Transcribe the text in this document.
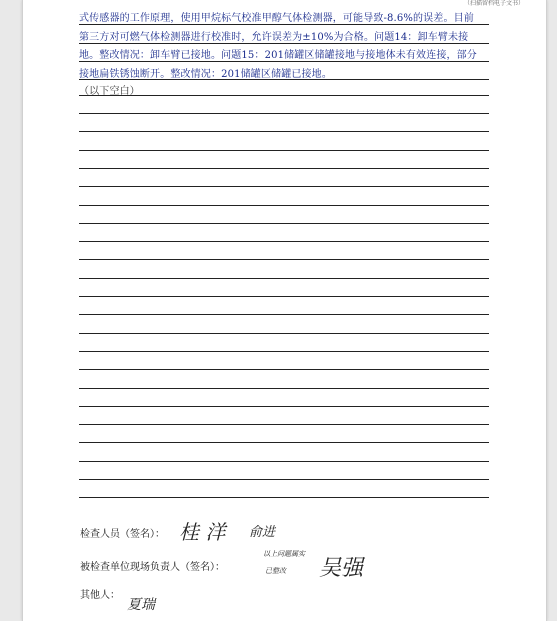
（扫描留档电子文书）
式传感器的工作原理，使用甲烷标气校准甲醇气体检测器，可能导致-8.6%的误差。目前
第三方对可燃气体检测器进行校准时，允许误差为±10%为合格。问题14：卸车臂未接
地。整改情况：卸车臂已接地。问题15：201储罐区储罐接地与接地体未有效连接，部分
接地扁铁锈蚀断开。整改情况：201储罐区储罐已接地。
（以下空白）
检查人员（签名）： 桂 洋 俞进
被检查单位现场负责人（签名）：
以上问题属实
已整改 吴强
其他人：
夏瑞
